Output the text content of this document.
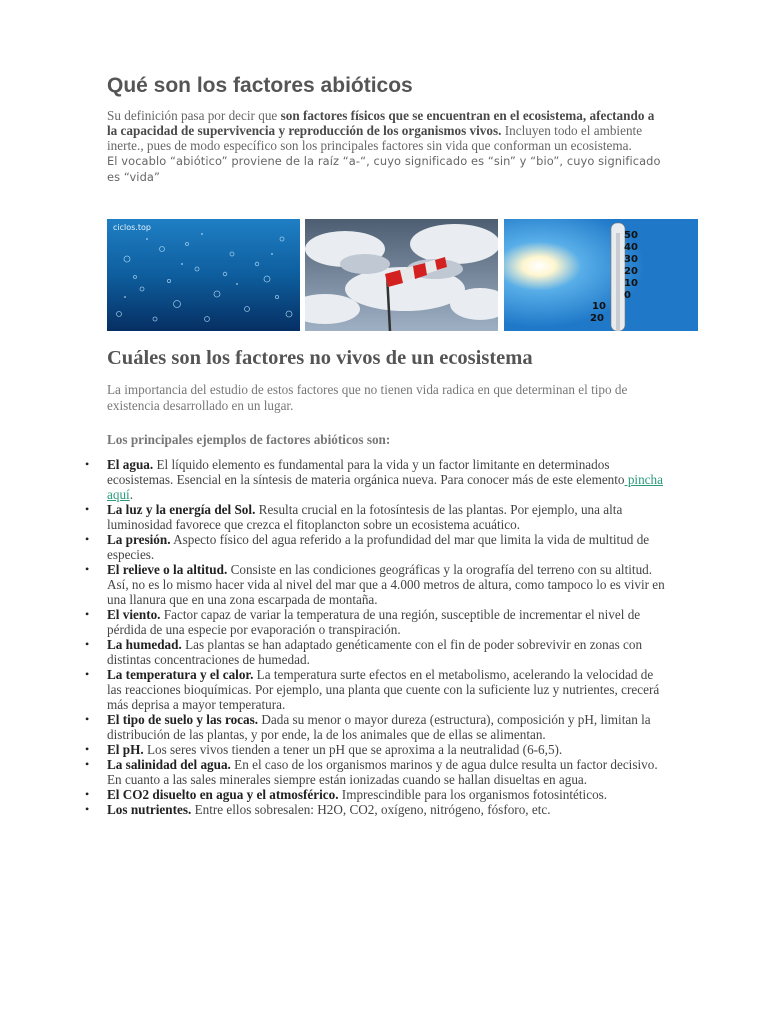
Qué son los factores abióticos
Su definición pasa por decir que son factores físicos que se encuentran en el ecosistema, afectando a la capacidad de supervivencia y reproducción de los organismos vivos. Incluyen todo el ambiente inerte., pues de modo específico son los principales factores sin vida que conforman un ecosistema.
El vocablo “abiótico” proviene de la raíz “a-“, cuyo significado es “sin” y “bio”, cuyo significado es “vida”
ciclos.top
50
40
30
20
10
0
10
20
Cuáles son los factores no vivos de un ecosistema
La importancia del estudio de estos factores que no tienen vida radica en que determinan el tipo de existencia desarrollado en un lugar.
Los principales ejemplos de factores abióticos son:
• El agua. El líquido elemento es fundamental para la vida y un factor limitante en determinados ecosistemas. Esencial en la síntesis de materia orgánica nueva. Para conocer más de este elemento pincha aquí.
• La luz y la energía del Sol. Resulta crucial en la fotosíntesis de las plantas. Por ejemplo, una alta luminosidad favorece que crezca el fitoplancton sobre un ecosistema acuático.
• La presión. Aspecto físico del agua referido a la profundidad del mar que limita la vida de multitud de especies.
• El relieve o la altitud. Consiste en las condiciones geográficas y la orografía del terreno con su altitud. Así, no es lo mismo hacer vida al nivel del mar que a 4.000 metros de altura, como tampoco lo es vivir en una llanura que en una zona escarpada de montaña.
• El viento. Factor capaz de variar la temperatura de una región, susceptible de incrementar el nivel de pérdida de una especie por evaporación o transpiración.
• La humedad. Las plantas se han adaptado genéticamente con el fin de poder sobrevivir en zonas con distintas concentraciones de humedad.
• La temperatura y el calor. La temperatura surte efectos en el metabolismo, acelerando la velocidad de las reacciones bioquímicas. Por ejemplo, una planta que cuente con la suficiente luz y nutrientes, crecerá más deprisa a mayor temperatura.
• El tipo de suelo y las rocas. Dada su menor o mayor dureza (estructura), composición y pH, limitan la distribución de las plantas, y por ende, la de los animales que de ellas se alimentan.
• El pH. Los seres vivos tienden a tener un pH que se aproxima a la neutralidad (6-6,5).
• La salinidad del agua. En el caso de los organismos marinos y de agua dulce resulta un factor decisivo. En cuanto a las sales minerales siempre están ionizadas cuando se hallan disueltas en agua.
• El CO2 disuelto en agua y el atmosférico. Imprescindible para los organismos fotosintéticos.
• Los nutrientes. Entre ellos sobresalen: H2O, CO2, oxígeno, nitrógeno, fósforo, etc.
